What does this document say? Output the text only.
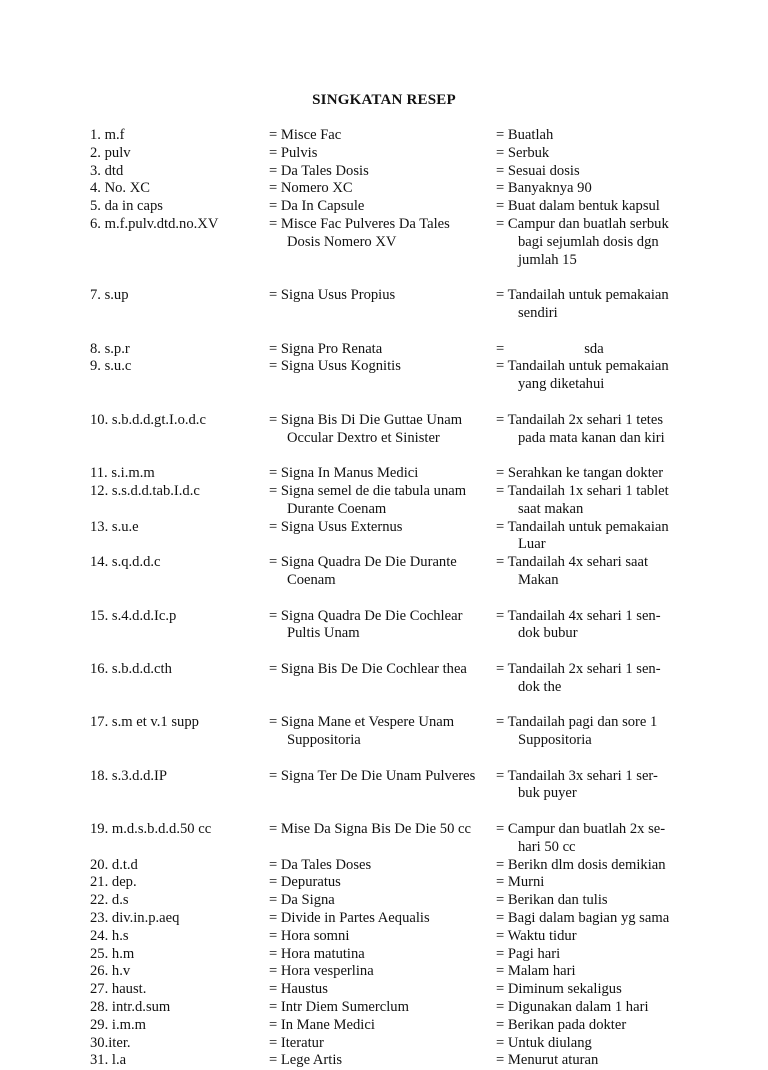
SINGKATAN RESEP
1. m.f	= Misce Fac	= Buatlah
2. pulv	= Pulvis	= Serbuk
3. dtd	= Da Tales Dosis	= Sesuai dosis
4. No. XC	= Nomero XC	= Banyaknya 90
5. da in caps	= Da In Capsule	= Buat dalam bentuk kapsul
6. m.f.pulv.dtd.no.XV	= Misce Fac Pulveres Da Tales
Dosis Nomero XV
= Campur dan buatlah serbuk
bagi sejumlah dosis dgn
jumlah 15
7. s.up	= Signa Usus Propius	= Tandailah untuk pemakaian
sendiri
8. s.p.r	= Signa Pro Renata	=	sda
9. s.u.c	= Signa Usus Kognitis	= Tandailah untuk pemakaian
yang diketahui
10. s.b.d.d.gt.I.o.d.c	= Signa Bis Di Die Guttae Unam
Occular Dextro et Sinister
= Tandailah 2x sehari 1 tetes
pada mata kanan dan kiri
11. s.i.m.m	= Signa In Manus Medici	= Serahkan ke tangan dokter
12. s.s.d.d.tab.I.d.c	= Signa semel de die tabula unam
Durante Coenam
= Tandailah 1x sehari 1 tablet
saat makan
13. s.u.e	= Signa Usus Externus	= Tandailah untuk pemakaian
Luar
14. s.q.d.d.c	= Signa Quadra De Die Durante
Coenam
= Tandailah 4x sehari saat
Makan
15. s.4.d.d.Ic.p	= Signa Quadra De Die Cochlear
Pultis Unam
= Tandailah 4x sehari 1 sen-
dok bubur
16. s.b.d.d.cth	= Signa Bis De Die Cochlear thea	= Tandailah 2x sehari 1 sen-
dok the
17. s.m et v.1 supp	= Signa Mane et Vespere Unam
Suppositoria
= Tandailah pagi dan sore 1
Suppositoria
18. s.3.d.d.IP	= Signa Ter De Die Unam Pulveres	= Tandailah 3x sehari 1 ser-
buk puyer
19. m.d.s.b.d.d.50 cc	= Mise Da Signa Bis De Die 50 cc	= Campur dan buatlah 2x se-
hari 50 cc
20. d.t.d	= Da Tales Doses	= Berikn dlm dosis demikian
21. dep.	= Depuratus	= Murni
22. d.s	= Da Signa	= Berikan dan tulis
23. div.in.p.aeq	= Divide in Partes Aequalis	= Bagi dalam bagian yg sama
24. h.s	= Hora somni	= Waktu tidur
25. h.m	= Hora matutina	= Pagi hari
26. h.v	= Hora vesperlina	= Malam hari
27. haust.	= Haustus	= Diminum sekaligus
28. intr.d.sum	= Intr Diem Sumerclum	= Digunakan dalam 1 hari
29. i.m.m	= In Mane Medici	= Berikan pada dokter
30.iter.	= Iteratur	= Untuk diulang
31. l.a	= Lege Artis	= Menurut aturan
